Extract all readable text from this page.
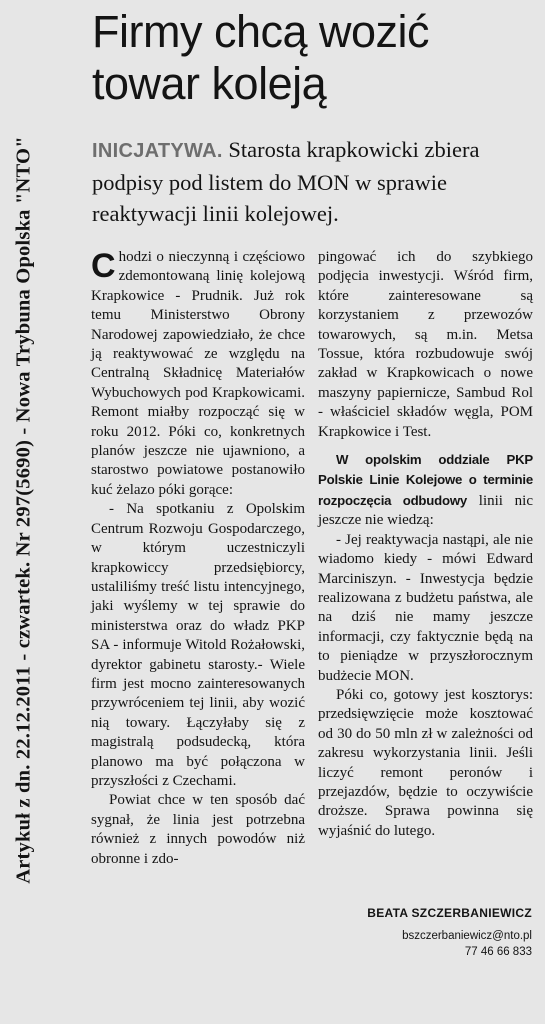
Artykuł z dn. 22.12.2011 - czwartek. Nr 297(5690) - Nowa Trybuna Opolska "NTO"
Firmy chcą wozić towar koleją
INICJATYWA. Starosta krapkowicki zbiera podpisy pod listem do MON w sprawie reaktywacji linii kolejowej.

Chodzi o nieczynną i częściowo zdemontowaną linię kolejową Krapkowice - Prudnik. Już rok temu Ministerstwo Obrony Narodowej zapowiedziało, że chce ją reaktywować ze względu na Centralną Składnicę Materiałów Wybuchowych pod Krapkowicami. Remont miałby rozpocząć się w roku 2012. Póki co, konkretnych planów jeszcze nie ujawniono, a starostwo powiatowe postanowiło kuć żelazo póki gorące:

- Na spotkaniu z Opolskim Centrum Rozwoju Gospodarczego, w którym uczestniczyli krapkowiccy przedsiębiorcy, ustaliliśmy treść listu intencyjnego, jaki wyślemy w tej sprawie do ministerstwa oraz do władz PKP SA - informuje Witold Rożałowski, dyrektor gabinetu starosty.- Wiele firm jest mocno zainteresowanych przywróceniem tej linii, aby wozić nią towary. Łączyłaby się z magistralą podsudecką, która planowo ma być połączona w przyszłości z Czechami.

Powiat chce w ten sposób dać sygnał, że linia jest potrzebna również z innych powodów niż obronne i zdo-

pingować ich do szybkiego podjęcia inwestycji. Wśród firm, które zainteresowane są korzystaniem z przewozów towarowych, są m.in. Metsa Tossue, która rozbudowuje swój zakład w Krapkowicach o nowe maszyny papiernicze, Sambud Rol - właściciel składów węgla, POM Krapkowice i Test.

W opolskim oddziale PKP Polskie Linie Kolejowe o terminie rozpoczęcia odbudowy linii nic jeszcze nie wiedzą:

- Jej reaktywacja nastąpi, ale nie wiadomo kiedy - mówi Edward Marciniszyn. - Inwestycja będzie realizowana z budżetu państwa, ale na dziś nie mamy jeszcze informacji, czy faktycznie będą na to pieniądze w przyszłorocznym budżecie MON.

Póki co, gotowy jest kosztorys: przedsięwzięcie może kosztować od 30 do 50 mln zł w zależności od zakresu wykorzystania linii. Jeśli liczyć remont peronów i przejazdów, będzie to oczywiście droższe. Sprawa powinna się wyjaśnić do lutego.

BEATA SZCZERBANIEWICZ
bszczerbaniewicz@nto.pl
77 46 66 833
